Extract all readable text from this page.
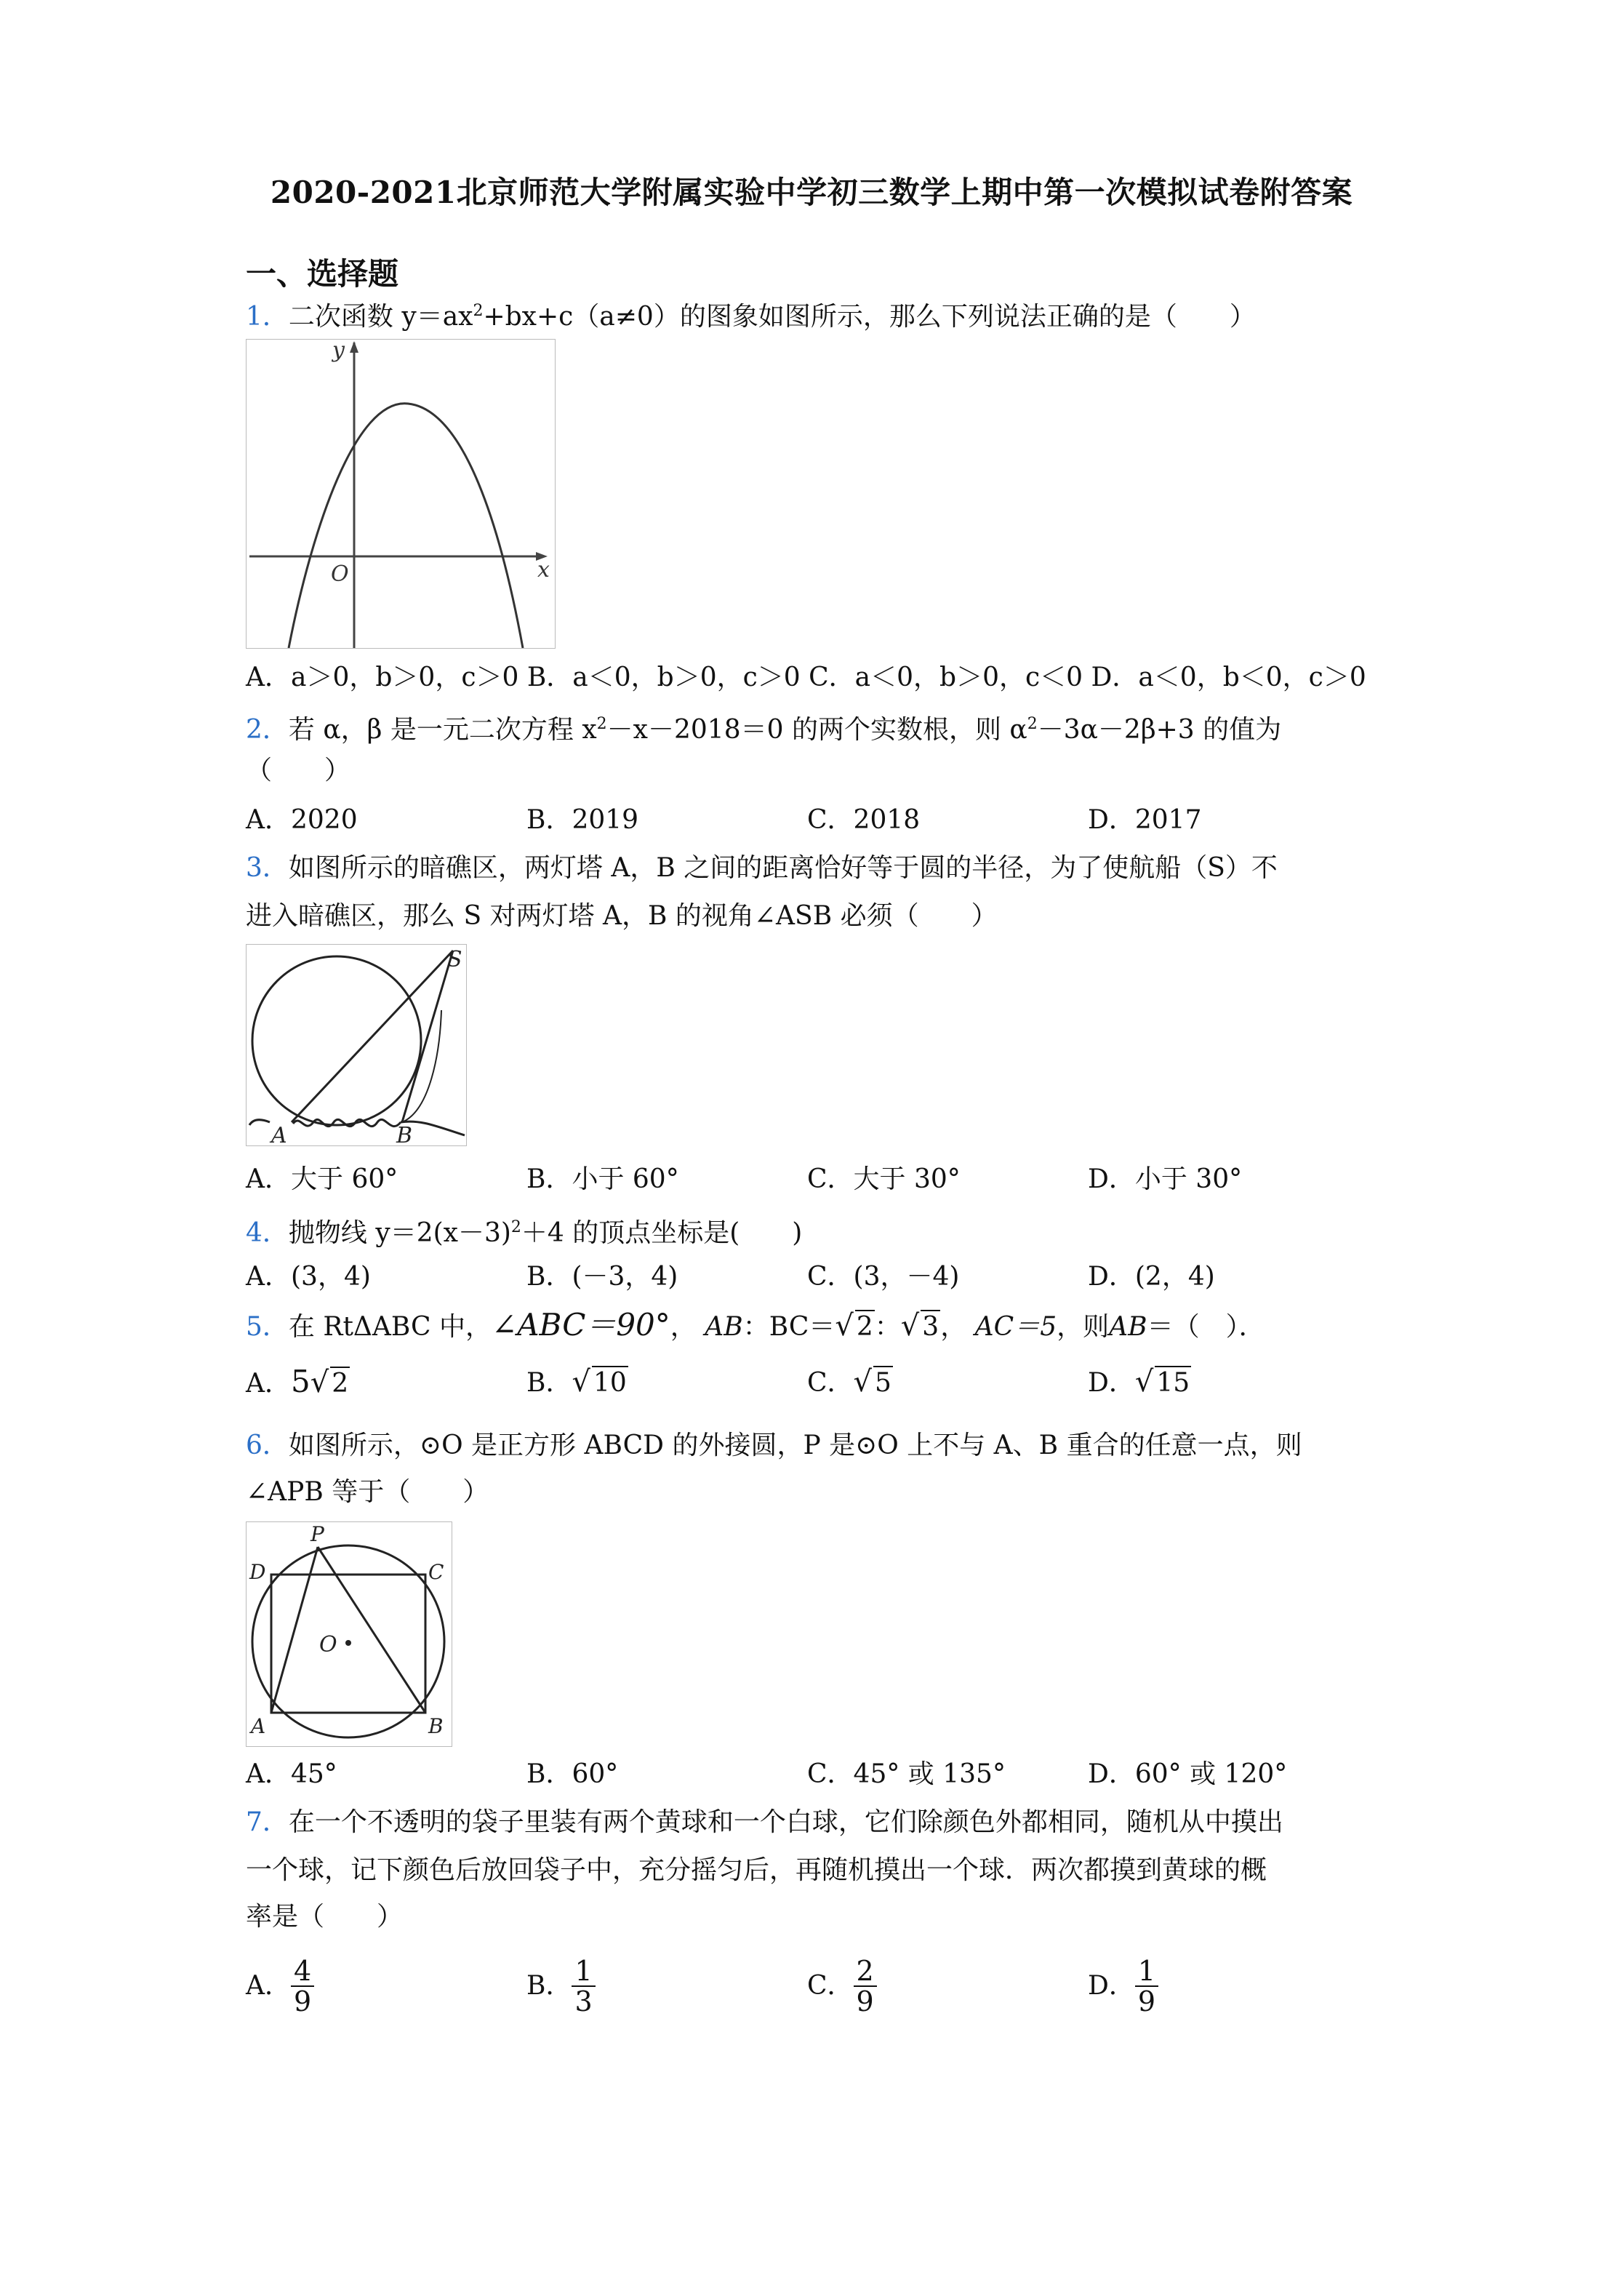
2020-2021北京师范大学附属实验中学初三数学上期中第一次模拟试卷附答案
一、选择题
1．二次函数 $y=ax^2+bx+c(a\ne 0)$的图象如图所示，那么下列说法正确的是（　　）
y
O	x
A．a＞0，b＞0，c＞0 B．a＜0，b＞0，c＞0 C．a＜0，b＞0，c＜0 D．a＜0，b＜0，c＞0
2．若 α，β 是一元二次方程 $x^2-x-2018=0$ 的两个实数根，则 $\alpha^2-3\alpha-2\beta+3$ 的值为
（　　）
A．2020	B．2019	C．2018	D．2017
3．如图所示的暗礁区，两灯塔 A，B 之间的距离恰好等于圆的半径，为了使航船（S）不
进入暗礁区，那么 S 对两灯塔 A，B 的视角∠ASB 必须（　　）
S
A	B
A．大于 60°	B．小于 60°	C．大于 30°	D．小于 30°
4．抛物线 $y=2(x-3)^2+4$ 的顶点坐标是(　　)
A．(3，4)	B．(－3，4)	C．(3，－4)	D．(2，4)
5．在 RtΔABC 中，∠ABC＝90°， AB：BC＝√ 2：√ 3， AC＝5，则AB＝（　）．
A．5√ 2	B．√ 10	C．√ 5	D．√ 15
6．如图所示，⊙O 是正方形 ABCD 的外接圆，P 是⊙O 上不与 A、B 重合的任意一点，则
∠APB 等于（　　）
P
D	C
O
A	B
A．45°	B．60°	C．45° 或 135°	D．60° 或 120°
7．在一个不透明的袋子里装有两个黄球和一个白球，它们除颜色外都相同，随机从中摸出
一个球，记下颜色后放回袋子中，充分摇匀后，再随机摸出一个球．两次都摸到黄球的概
率是（　　）
A． $\frac{4}{9}$	B． $\frac{1}{3}$	C． $\frac{2}{9}$	D． $\frac{1}{9}$
